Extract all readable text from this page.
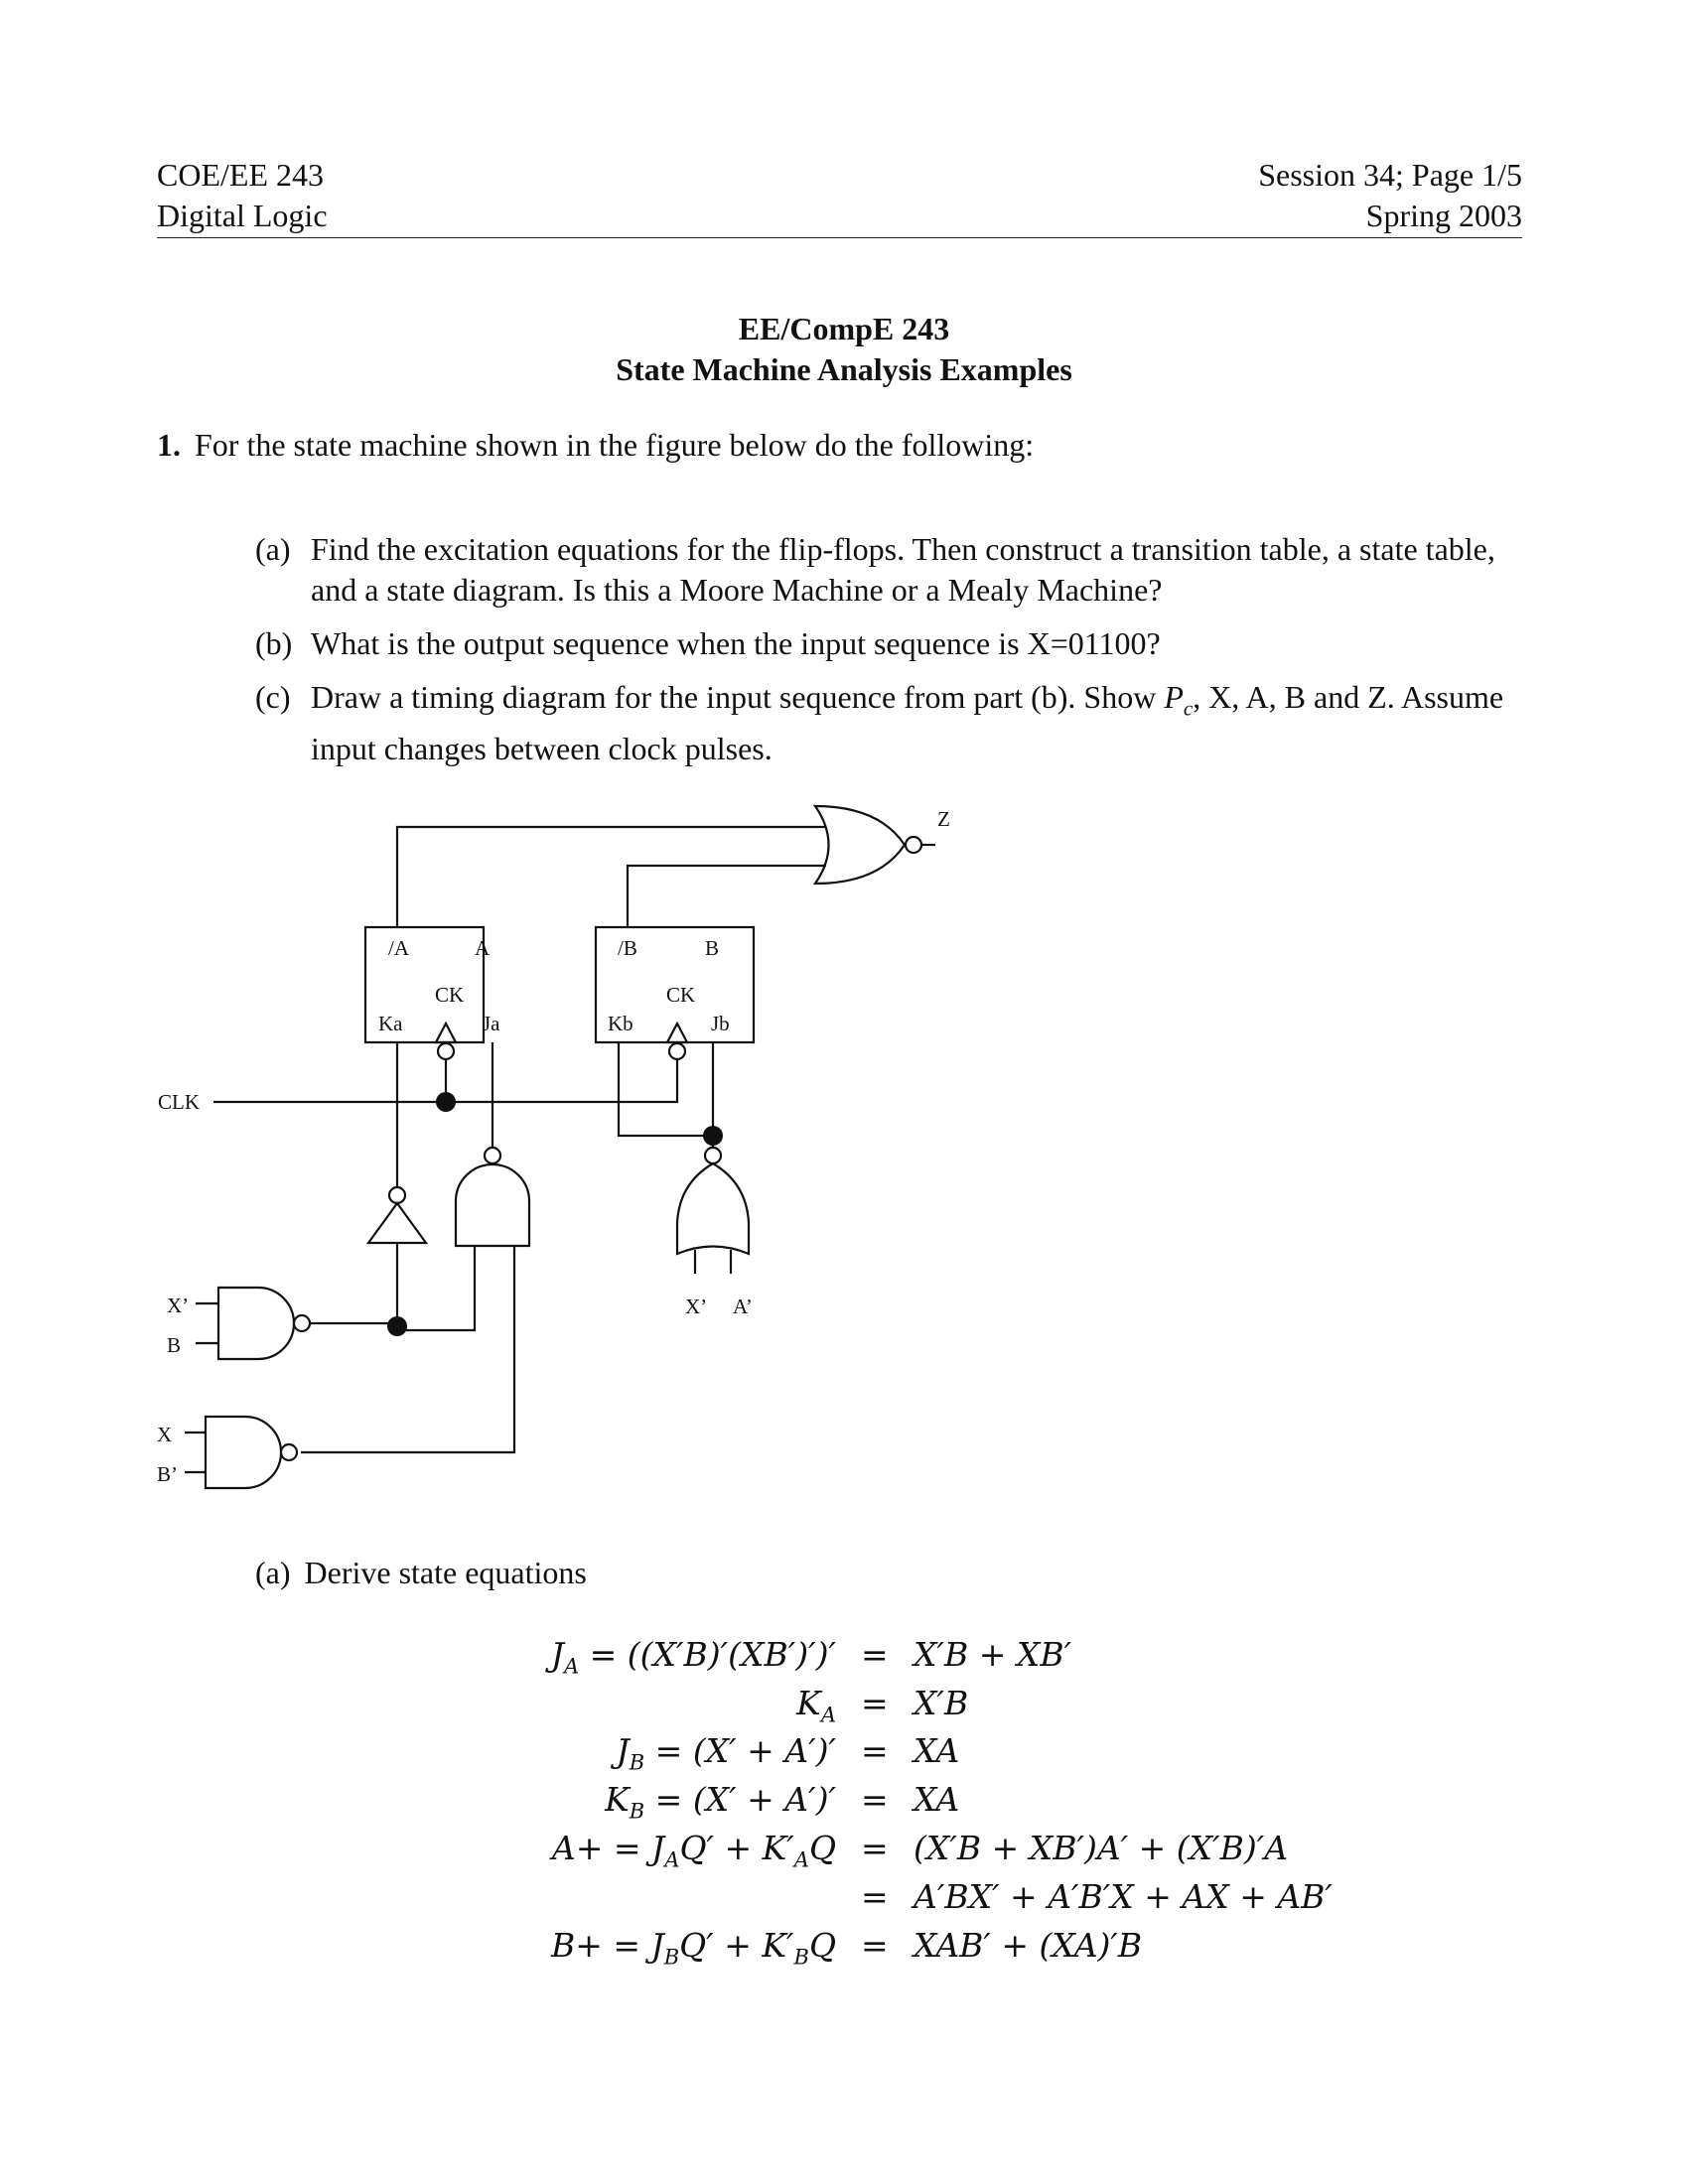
COE/EE 243
Digital Logic
Session 34; Page 1/5
Spring 2003
EE/CompE 243
State Machine Analysis Examples
1. For the state machine shown in the figure below do the following:
(a) Find the excitation equations for the flip-flops. Then construct a transition table, a state table, and a state diagram. Is this a Moore Machine or a Mealy Machine?
(b) What is the output sequence when the input sequence is X=01100?
(c) Draw a timing diagram for the input sequence from part (b). Show $P_c$, X, A, B and Z. Assume input changes between clock pulses.
Z
/A	A
CK
Ka	Ja
/B	B
CK
Kb	Jb
CLK
X’ A’
X’
B
X
B’
(a) Derive state equations
$J_A = ((X'B)'(XB')')' = X'B + XB'$
$K_A = X'B$
$J_B = (X' + A')'$ = XA
$K_B = (X' + A')'$ = XA
$A+ = J_AQ' + K'_AQ = (X'B + XB')A' + (X'B)'A$
= A′BX′ + A′B′X + AX + AB′
$B+ = J_BQ' + K'_BQ = XAB' + (XA)'B$
